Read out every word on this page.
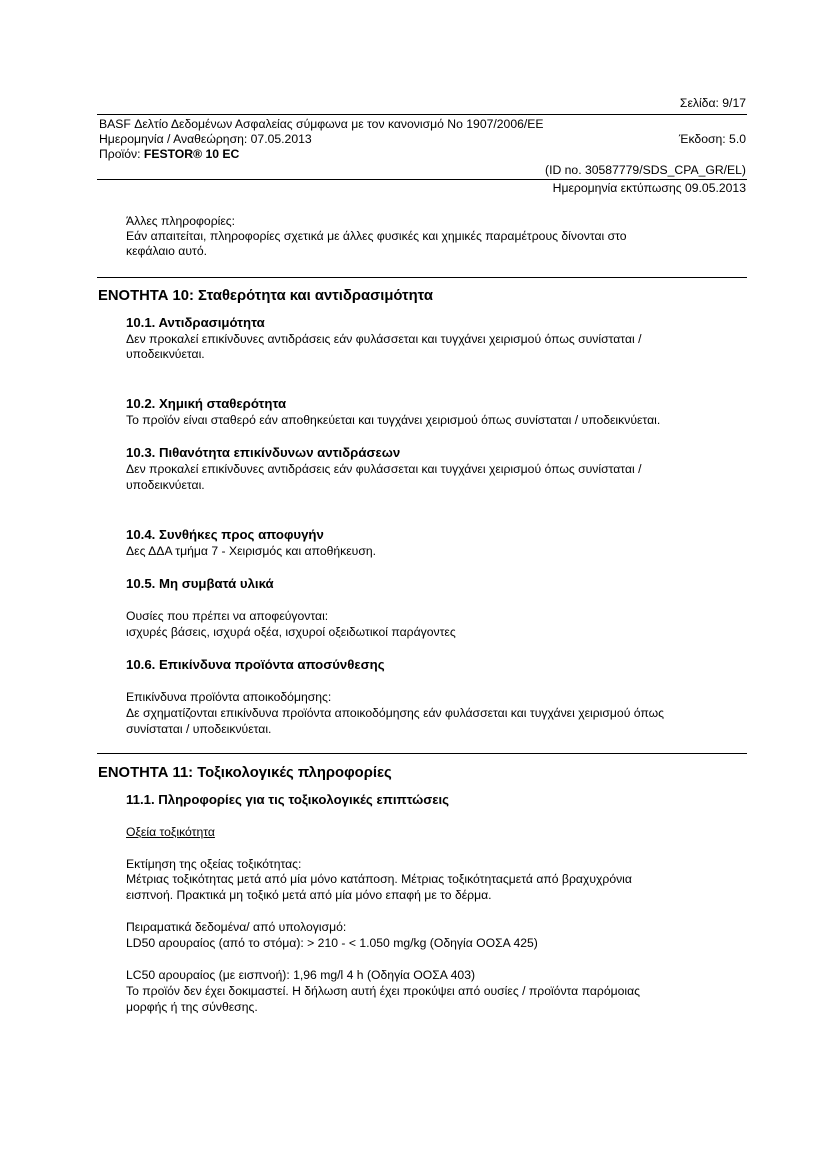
Σελίδα: 9/17
BASF Δελτίο Δεδομένων Ασφαλείας σύμφωνα με τον κανονισμό Νο 1907/2006/ΕΕ
Ημερομηνία / Αναθεώρηση: 07.05.2013	Έκδοση: 5.0
Προϊόν: FESTOR® 10 EC
(ID no. 30587779/SDS_CPA_GR/EL)
Ημερομηνία εκτύπωσης 09.05.2013
Άλλες πληροφορίες:
Εάν απαιτείται, πληροφορίες σχετικά με άλλες φυσικές και χημικές παραμέτρους δίνονται στο
κεφάλαιο αυτό.
ΕΝΟΤΗΤΑ 10: Σταθερότητα και αντιδρασιμότητα
10.1. Αντιδρασιμότητα
Δεν προκαλεί επικίνδυνες αντιδράσεις εάν φυλάσσεται και τυγχάνει χειρισμού όπως συνίσταται /
υποδεικνύεται.
10.2. Χημική σταθερότητα
Το προϊόν είναι σταθερό εάν αποθηκεύεται και τυγχάνει χειρισμού όπως συνίσταται / υποδεικνύεται.
10.3. Πιθανότητα επικίνδυνων αντιδράσεων
Δεν προκαλεί επικίνδυνες αντιδράσεις εάν φυλάσσεται και τυγχάνει χειρισμού όπως συνίσταται /
υποδεικνύεται.
10.4. Συνθήκες προς αποφυγήν
Δες ΔΔΑ τμήμα 7 - Χειρισμός και αποθήκευση.
10.5. Μη συμβατά υλικά
Ουσίες που πρέπει να αποφεύγονται:
ισχυρές βάσεις, ισχυρά οξέα, ισχυροί οξειδωτικοί παράγοντες
10.6. Επικίνδυνα προϊόντα αποσύνθεσης
Επικίνδυνα προϊόντα αποικοδόμησης:
Δε σχηματίζονται επικίνδυνα προϊόντα αποικοδόμησης εάν φυλάσσεται και τυγχάνει χειρισμού όπως
συνίσταται / υποδεικνύεται.
ΕΝΟΤΗΤΑ 11: Τοξικολογικές πληροφορίες
11.1. Πληροφορίες για τις τοξικολογικές επιπτώσεις
Οξεία τοξικότητα
Εκτίμηση της οξείας τοξικότητας:
Μέτριας τοξικότητας μετά από μία μόνο κατάποση. Μέτριας τοξικότηταςμετά από βραχυχρόνια
εισπνοή. Πρακτικά μη τοξικό μετά από μία μόνο επαφή με το δέρμα.
Πειραματικά δεδομένα/ από υπολογισμό:
LD50 αρουραίος (από το στόμα): > 210 - < 1.050 mg/kg (Οδηγία ΟΟΣΑ 425)
LC50 αρουραίος (με εισπνοή): 1,96 mg/l 4 h (Οδηγία ΟΟΣΑ 403)
Το προϊόν δεν έχει δοκιμαστεί. Η δήλωση αυτή έχει προκύψει από ουσίες / προϊόντα παρόμοιας
μορφής ή της σύνθεσης.
